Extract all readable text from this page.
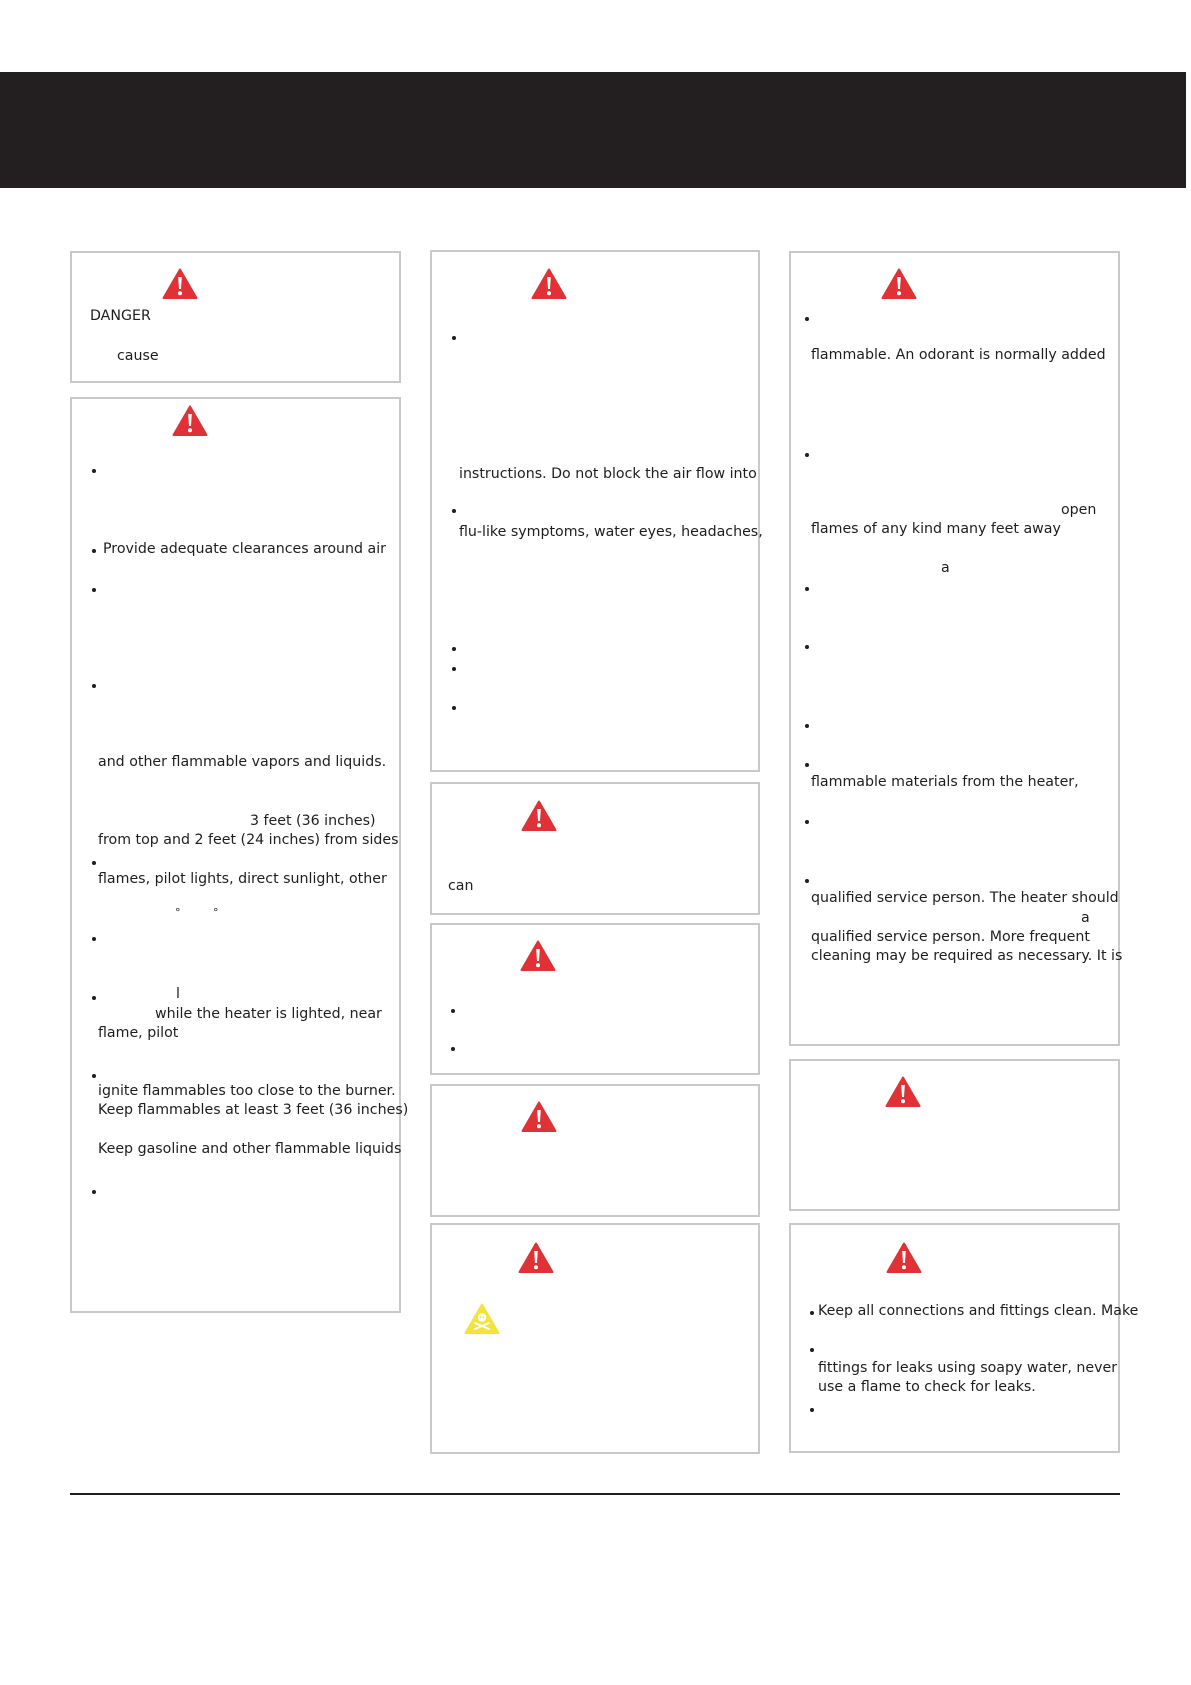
DANGER

cause

Provide adequate clearances around air

and other flammable vapors and liquids.

3 feet (36 inches)

from top and 2 feet (24 inches) from sides

flames, pilot lights, direct sunlight, other

°	°

l

while the heater is lighted, near

flame, pilot

ignite flammables too close to the burner.

Keep flammables at least 3 feet (36 inches)

Keep gasoline and other flammable liquids

instructions. Do not block the air flow into

flu-like symptoms, water eyes, headaches,

can

flammable. An odorant is normally added

open

flames of any kind many feet away

a

flammable materials from the heater,

qualified service person. The heater should

a

qualified service person. More frequent

cleaning may be required as necessary. It is

Keep all connections and fittings clean. Make

fittings for leaks using soapy water, never

use a flame to check for leaks.
